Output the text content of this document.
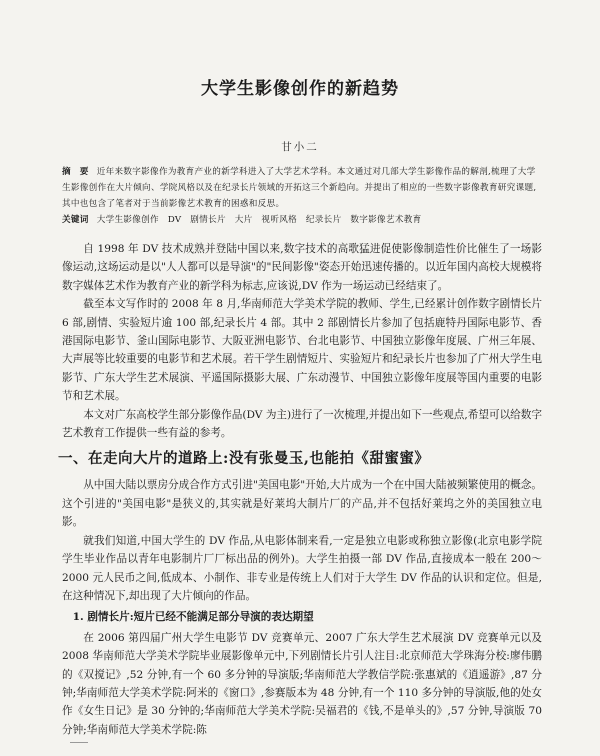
大学生影像创作的新趋势
甘小二
摘　要 近年来数字影像作为教育产业的新学科进入了大学艺术学科。本文通过对几部大学生影像作品的解剖,梳理了大学生影像创作在大片倾向、学院风格以及在纪录长片领域的开拓这三个新趋向。并提出了相应的一些数字影像教育研究课题,其中也包含了笔者对于当前影像艺术教育的困惑和反思。
关键词 大学生影像创作　DV　剧情长片　大片　视听风格　纪录长片　数字影像艺术教育

自 1998 年 DV 技术成熟并登陆中国以来,数字技术的高歌猛进促使影像制造性价比催生了一场影像运动,这场运动是以"人人都可以是导演"的"民间影像"姿态开始迅速传播的。以近年国内高校大规模将数字媒体艺术作为教育产业的新学科为标志,应该说,DV 作为一场运动已经结束了。

截至本文写作时的 2008 年 8 月,华南师范大学美术学院的教师、学生,已经累计创作数字剧情长片 6 部,剧情、实验短片逾 100 部,纪录长片 4 部。其中 2 部剧情长片参加了包括鹿特丹国际电影节、香港国际电影节、釜山国际电影节、大阪亚洲电影节、台北电影节、中国独立影像年度展、广州三年展、大声展等比较重要的电影节和艺术展。若干学生剧情短片、实验短片和纪录长片也参加了广州大学生电影节、广东大学生艺术展演、平遥国际摄影大展、广东动漫节、中国独立影像年度展等国内重要的电影节和艺术展。

本文对广东高校学生部分影像作品(DV 为主)进行了一次梳理,并提出如下一些观点,希望可以给数字艺术教育工作提供一些有益的参考。

一、在走向大片的道路上:没有张曼玉,也能拍《甜蜜蜜》

从中国大陆以票房分成合作方式引进"美国电影"开始,大片成为一个在中国大陆被频繁使用的概念。这个引进的"美国电影"是狭义的,其实就是好莱坞大制片厂的产品,并不包括好莱坞之外的美国独立电影。

就我们知道,中国大学生的 DV 作品,从电影体制来看,一定是独立电影或称独立影像(北京电影学院学生毕业作品以青年电影制片厂厂标出品的例外)。大学生拍摄一部 DV 作品,直接成本一般在 200～2000 元人民币之间,低成本、小制作、非专业是传统上人们对于大学生 DV 作品的认识和定位。但是,在这种情况下,却出现了大片倾向的作品。

1. 剧情长片:短片已经不能满足部分导演的表达期望

在 2006 第四届广州大学生电影节 DV 竞赛单元、2007 广东大学生艺术展演 DV 竞赛单元以及 2008 华南师范大学美术学院毕业展影像单元中,下列剧情长片引人注目:北京师范大学珠海分校:廖伟鹏的《双搅记》,52 分钟,有一个 60 多分钟的导演版;华南师范大学教信学院:张惠斌的《逍遥游》,87 分钟;华南师范大学美术学院:阿米的《窗口》,参赛版本为 48 分钟,有一个 110 多分钟的导演版,他的处女作《女生日记》是 30 分钟的;华南师范大学美术学院:吴福君的《钱,不是单头的》,57 分钟,导演版 70 分钟;华南师范大学美术学院:陈
